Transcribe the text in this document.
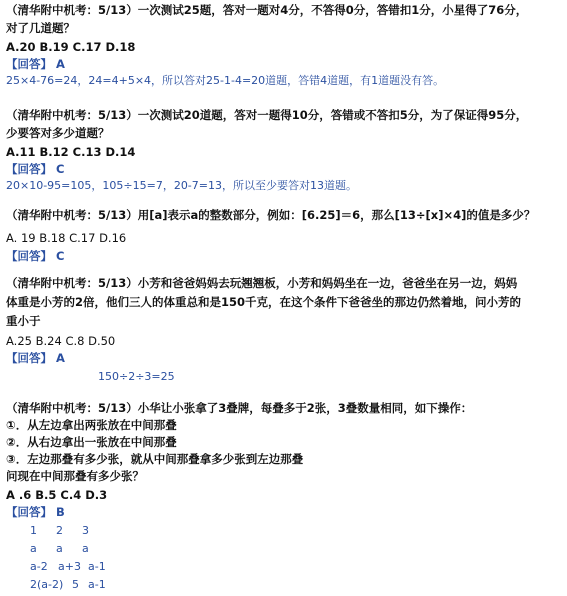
（清华附中机考：5/13）一次测试25题，答对一题对4分，不答得0分，答错扣1分，小星得了76分，
对了几道题？
A.20 B.19 C.17 D.18
【回答】 A
25×4-76=24，24=4+5×4，所以答对25-1-4=20道题，答错4道题，有1道题没有答。
（清华附中机考：5/13）一次测试20道题，答对一题得10分，答错或不答扣5分，为了保证得95分，
少要答对多少道题？
A.11 B.12 C.13 D.14
【回答】 C
20×10-95=105，105÷15=7，20-7=13，所以至少要答对13道题。
（清华附中机考：5/13）用[a]表示a的整数部分，例如：[6.25]＝6，那么[13÷[x]×4]的值是多少？
A. 19 B.18 C.17 D.16
【回答】 C
（清华附中机考：5/13）小芳和爸爸妈妈去玩翘翘板，小芳和妈妈坐在一边，爸爸坐在另一边，妈妈
体重是小芳的2倍，他们三人的体重总和是150千克，在这个条件下爸爸坐的那边仍然着地，问小芳的
重小于
A.25 B.24 C.8 D.50
【回答】 A
150÷2÷3=25
（清华附中机考：5/13）小华让小张拿了3叠牌，每叠多于2张，3叠数量相同，如下操作：
①．从左边拿出两张放在中间那叠
②．从右边拿出一张放在中间那叠
③．左边那叠有多少张，就从中间那叠拿多少张到左边那叠
问现在中间那叠有多少张？
A .6 B.5 C.4 D.3
【回答】 B
1 2 3
a a a
a-2 a+3 a-1
2(a-2) 5 a-1
